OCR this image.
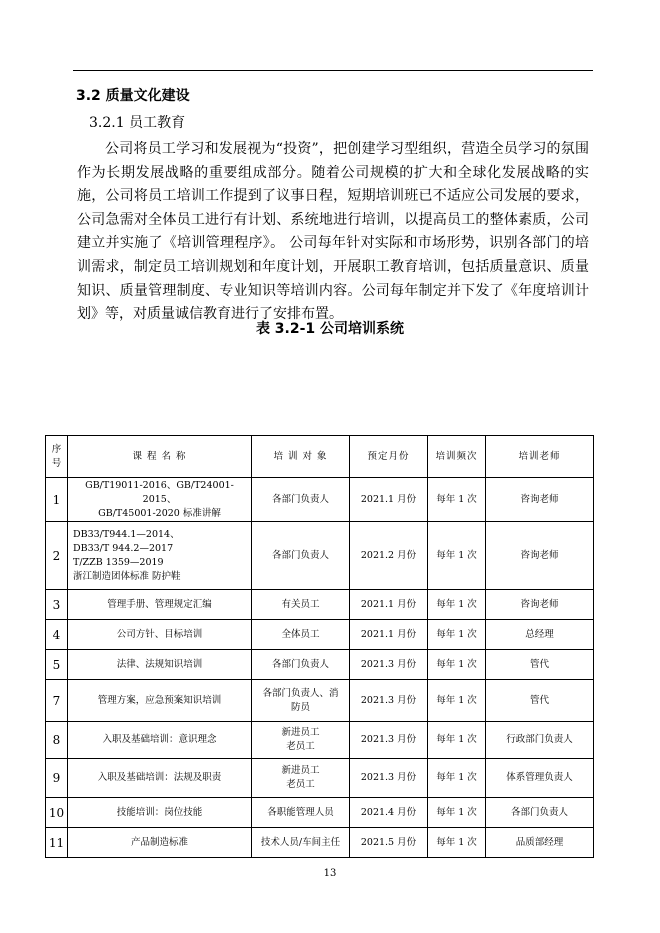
3.2 质量文化建设
3.2.1 员工教育

公司将员工学习和发展视为“投资”，把创建学习型组织，营造全员学习的氛围作为长期发展战略的重要组成部分。随着公司规模的扩大和全球化发展战略的实施，公司将员工培训工作提到了议事日程，短期培训班已不适应公司发展的要求，公司急需对全体员工进行有计划、系统地进行培训，以提高员工的整体素质，公司建立并实施了《培训管理程序》。 公司每年针对实际和市场形势，识别各部门的培训需求，制定员工培训规划和年度计划，开展职工教育培训，包括质量意识、质量知识、质量管理制度、专业知识等培训内容。公司每年制定并下发了《年度培训计划》等，对质量诚信教育进行了安排布置。

表 3.2-1 公司培训系统
序号	课 程 名 称	培 训 对 象	预定月份	培训频次	培训老师
1	GB/T19011-2016、GB/T24001-2015、
GB/T45001-2020 标准讲解	各部门负责人	2021.1 月份	每年 1 次	咨询老师
2	DB33/T944.1—2014、
DB33/T 944.2—2017
T/ZZB 1359—2019
浙江制造团体标准 防护鞋	各部门负责人	2021.2 月份	每年 1 次	咨询老师
3	管理手册、管理规定汇编	有关员工	2021.1 月份	每年 1 次	咨询老师
4	公司方针、目标培训	全体员工	2021.1 月份	每年 1 次	总经理
5	法律、法规知识培训	各部门负责人	2021.3 月份	每年 1 次	管代
7	管理方案，应急预案知识培训	各部门负责人、消
防员	2021.3 月份	每年 1 次	管代
8	入职及基础培训：意识理念	新进员工
老员工	2021.3 月份	每年 1 次	行政部门负责人
9	入职及基础培训：法规及职责	新进员工
老员工	2021.3 月份	每年 1 次	体系管理负责人
10	技能培训：岗位技能	各职能管理人员	2021.4 月份	每年 1 次	各部门负责人
11	产品制造标准	技术人员/车间主任	2021.5 月份	每年 1 次	品质部经理
13
